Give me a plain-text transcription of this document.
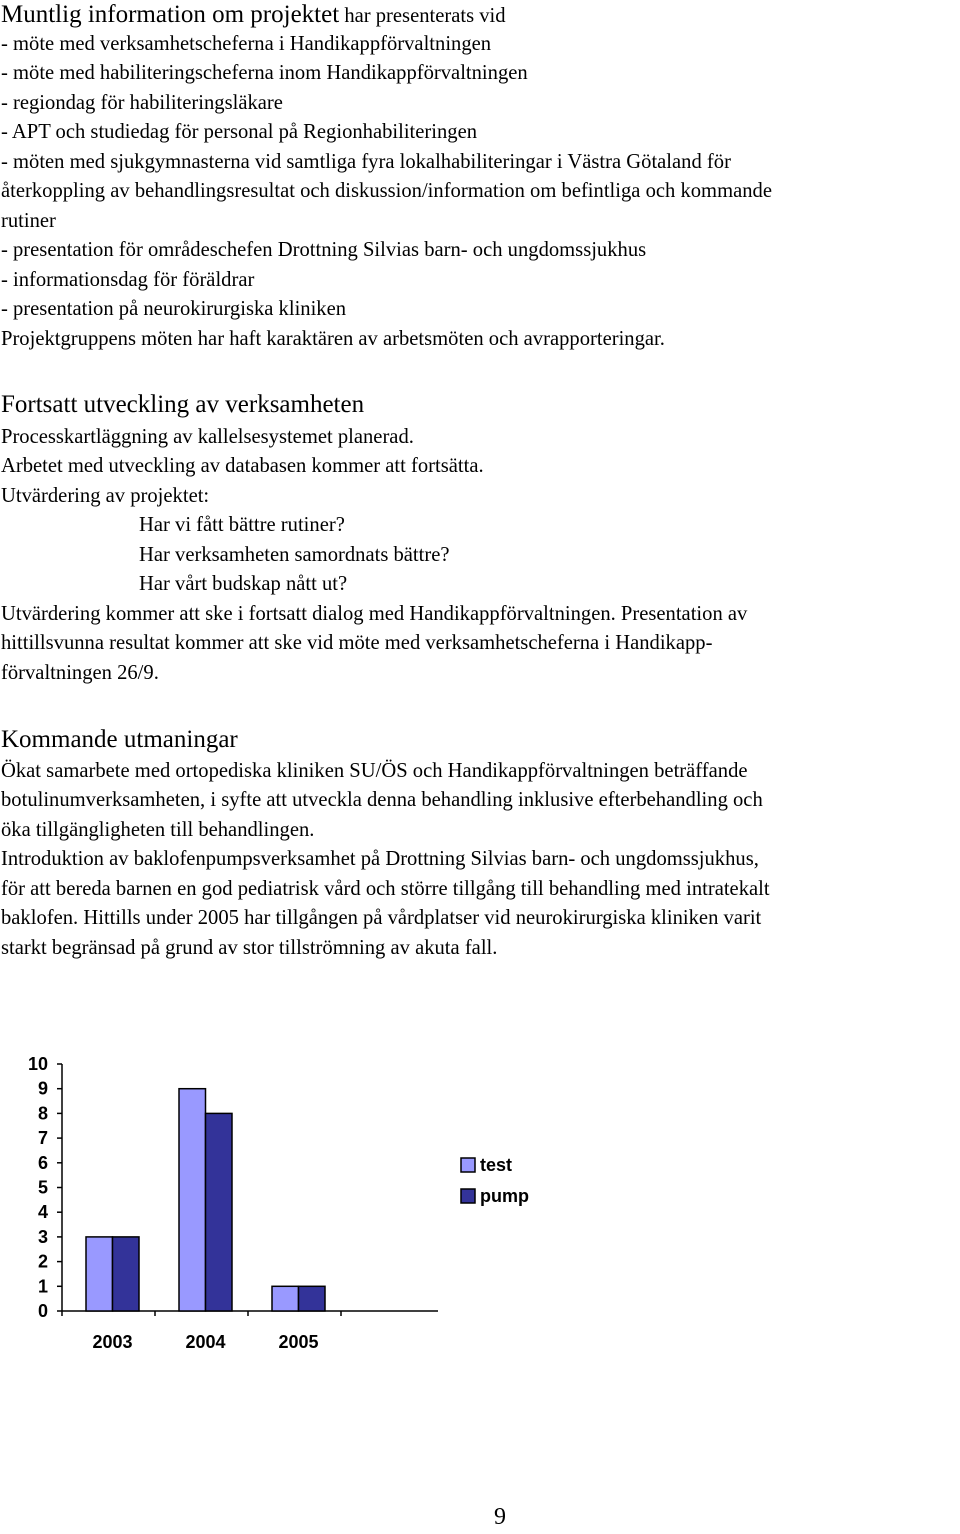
Muntlig information om projektet har presenterats vid
- möte med verksamhetscheferna i Handikappförvaltningen
- möte med habiliteringscheferna inom Handikappförvaltningen
- regiondag för habiliteringsläkare
- APT och studiedag för personal på Regionhabiliteringen
- möten med sjukgymnasterna vid samtliga fyra lokalhabiliteringar i Västra Götaland för
återkoppling av behandlingsresultat och diskussion/information om befintliga och kommande
rutiner
- presentation för områdeschefen Drottning Silvias barn- och ungdomssjukhus
- informationsdag för föräldrar
- presentation på neurokirurgiska kliniken
Projektgruppens möten har haft karaktären av arbetsmöten och avrapporteringar.
Fortsatt utveckling av verksamheten
Processkartläggning av kallelsesystemet planerad.
Arbetet med utveckling av databasen kommer att fortsätta.
Utvärdering av projektet:
Har vi fått bättre rutiner?
Har verksamheten samordnats bättre?
Har vårt budskap nått ut?
Utvärdering kommer att ske i fortsatt dialog med Handikappförvaltningen. Presentation av
hittillsvunna resultat kommer att ske vid möte med verksamhetscheferna i Handikapp-
förvaltningen 26/9.
Kommande utmaningar
Ökat samarbete med ortopediska kliniken SU/ÖS och Handikappförvaltningen beträffande
botulinumverksamheten, i syfte att utveckla denna behandling inklusive efterbehandling och
öka tillgängligheten till behandlingen.
Introduktion av baklofenpumpsverksamhet på Drottning Silvias barn- och ungdomssjukhus,
för att bereda barnen en god pediatrisk vård och större tillgång till behandling med intratekalt
baklofen. Hittills under 2005 har tillgången på vårdplatser vid neurokirurgiska kliniken varit
starkt begränsad på grund av stor tillströmning av akuta fall.
0
1
2
3
4
5
6
7
8
9
10
2003	2004	2005
test
pump
9
